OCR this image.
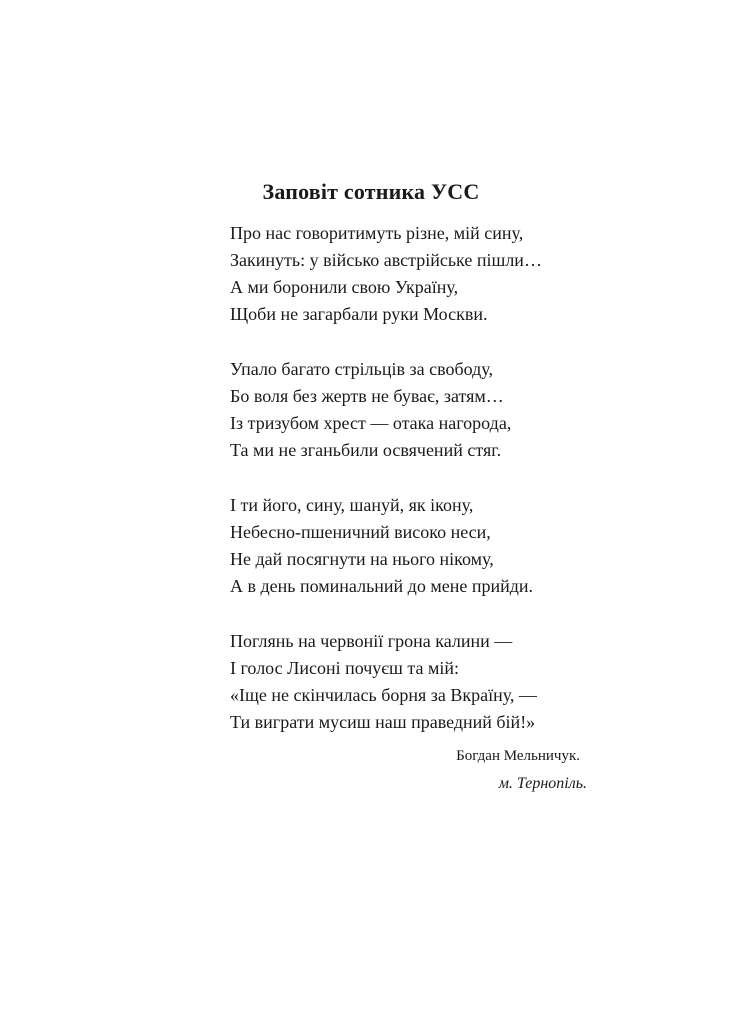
Заповіт сотника УСС
Про нас говоритимуть різне, мій сину,
Закинуть: у військо австрійське пішли…
А ми боронили свою Україну,
Щоби не загарбали руки Москви.
Упало багато стрільців за свободу,
Бо воля без жертв не буває, затям…
Із тризубом хрест — отака нагорода,
Та ми не зганьбили освячений стяг.
І ти його, сину, шануй, як ікону,
Небесно-пшеничний високо неси,
Не дай посягнути на нього нікому,
А в день поминальний до мене прийди.
Поглянь на червонії грона калини —
І голос Лисоні почуєш та мій:
«Іще не скінчилась борня за Вкраїну, —
Ти виграти мусиш наш праведний бій!»
Богдан Мельничук.
м. Тернопіль.
